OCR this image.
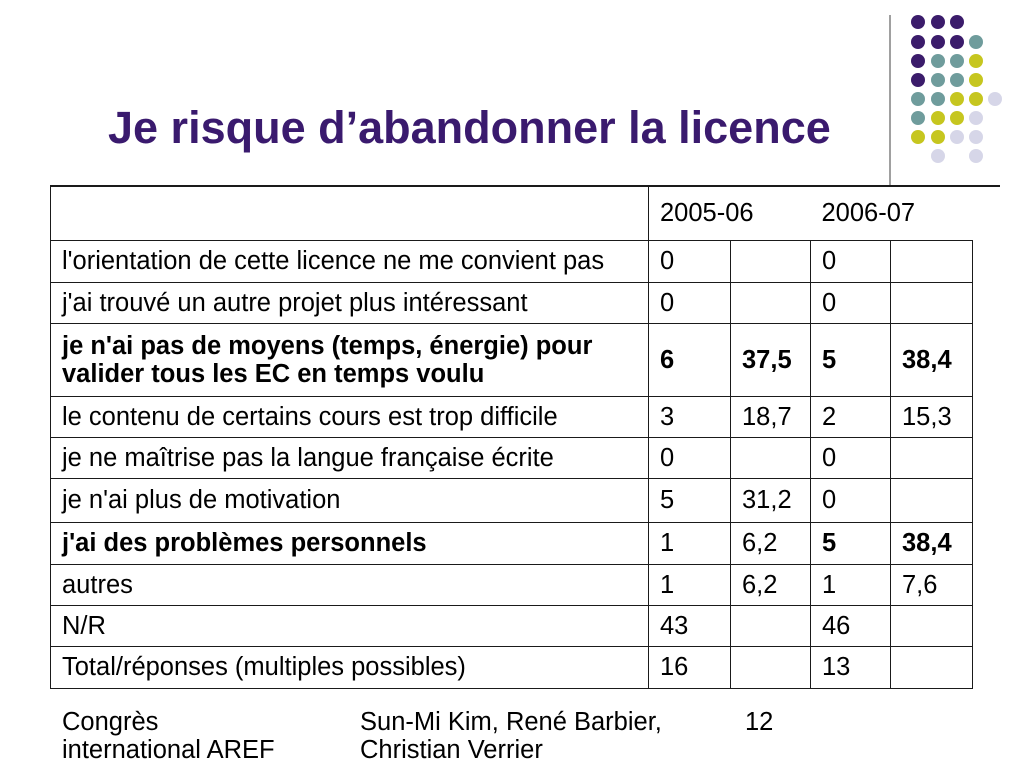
Je risque d’abandonner la licence
	2005-06		2006-07	
l'orientation de cette licence ne me convient pas	0		0	
j'ai trouvé un autre projet plus intéressant	0		0	
je n'ai pas de moyens (temps, énergie) pour valider tous les EC en temps voulu	6	37,5	5	38,4
le contenu de certains cours est trop difficile	3	18,7	2	15,3
je ne maîtrise pas la langue française écrite	0		0	
je n'ai plus de motivation	5	31,2	0	
j'ai des problèmes personnels	1	6,2	5	38,4
autres	1	6,2	1	7,6
N/R	43		46	
Total/réponses (multiples possibles)	16		13	
Congrès
international AREF
Sun-Mi Kim, René Barbier,
Christian Verrier
12
